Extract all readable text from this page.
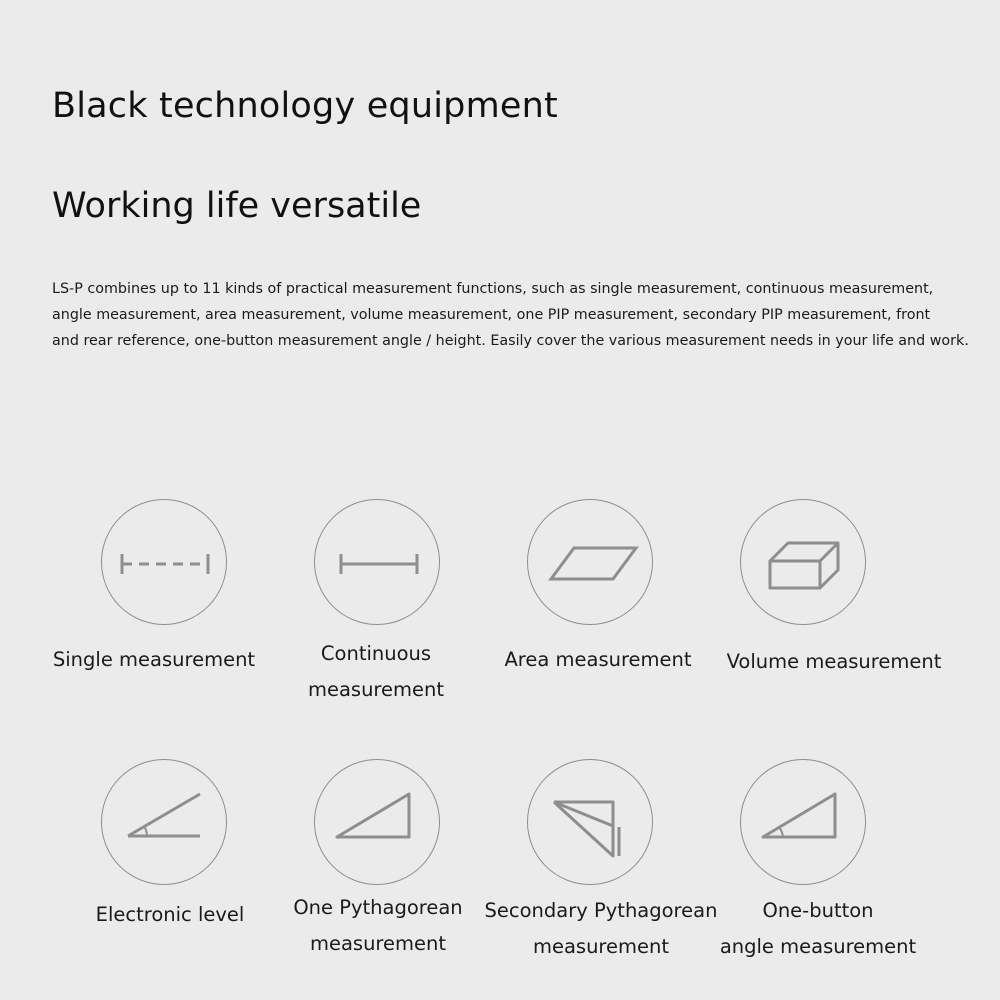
Black technology equipment
Working life versatile

LS-P combines up to 11 kinds of practical measurement functions, such as single measurement, continuous measurement,
angle measurement, area measurement, volume measurement, one PIP measurement, secondary PIP measurement, front
and rear reference, one-button measurement angle / height. Easily cover the various measurement needs in your life and work.

Single measurement	Continuous
measurement
Area measurement	Volume measurement
Electronic level	One Pythagorean
measurement
Secondary Pythagorean
measurement
One-button
angle measurement
